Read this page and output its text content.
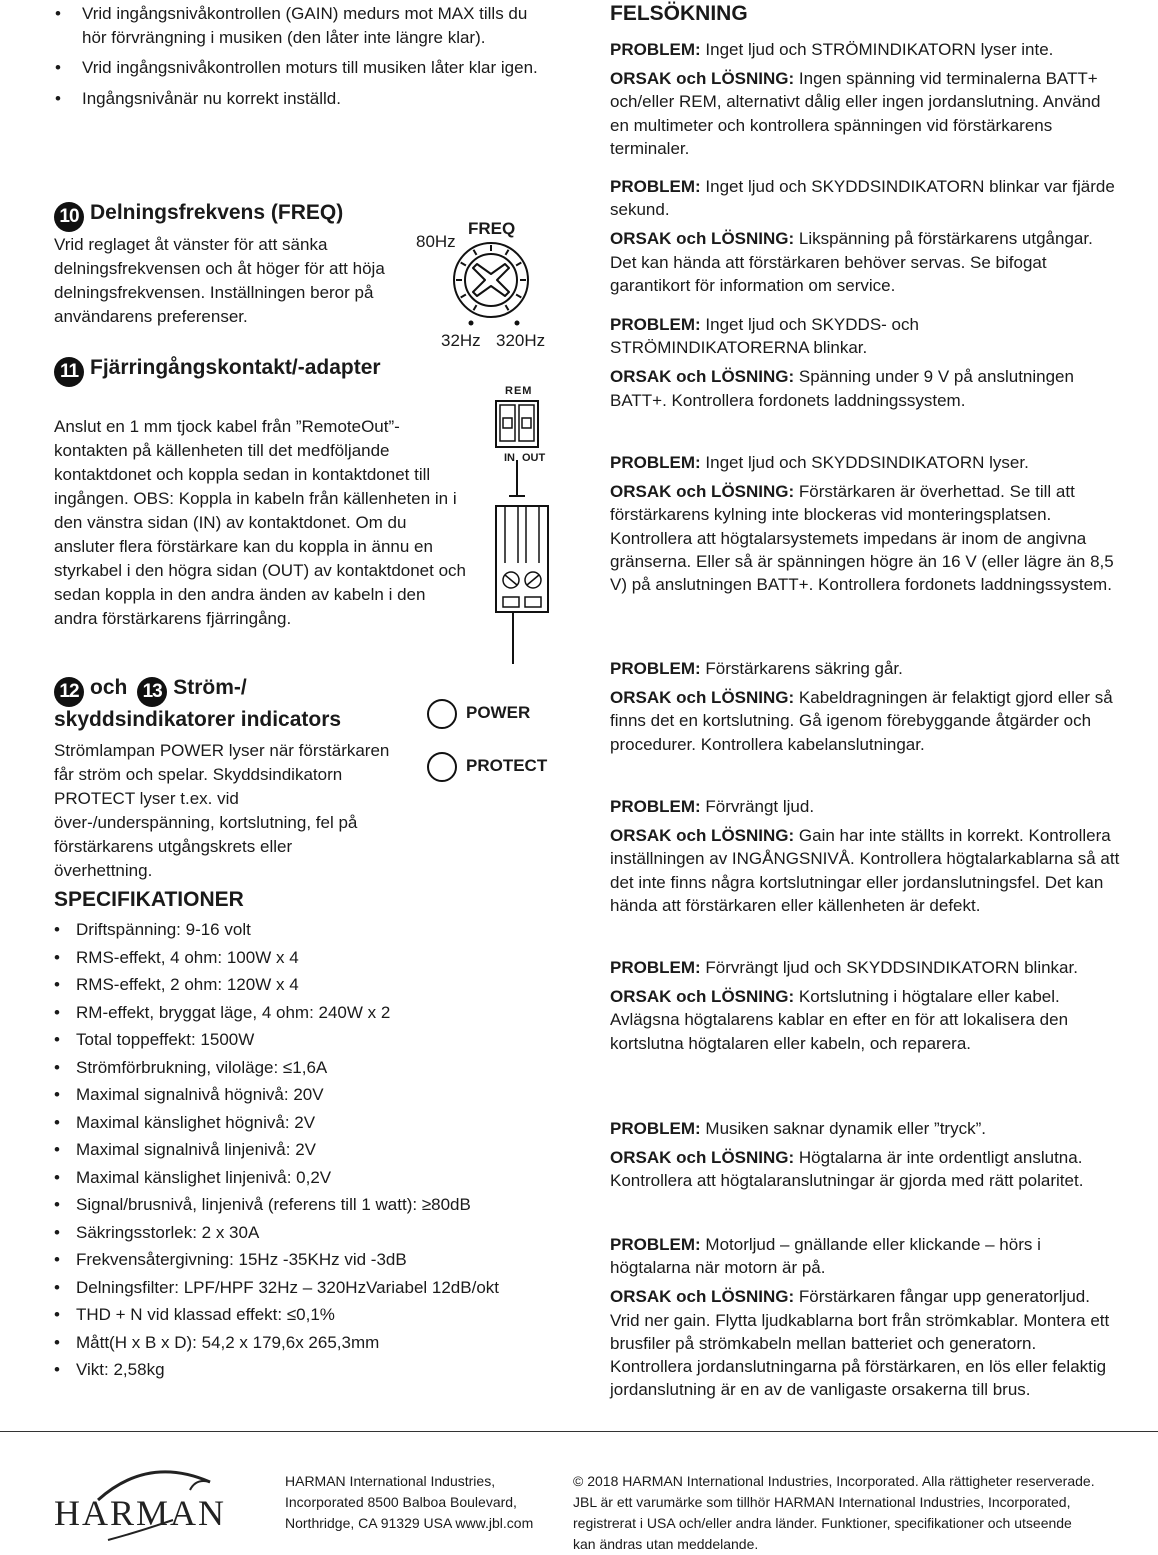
• Vrid ingångsnivåkontrollen (GAIN) medurs mot MAX tills du hör förvrängning i musiken (den låter inte längre klar).
• Vrid ingångsnivåkontrollen moturs till musiken låter klar igen.
• Ingångsnivånär nu korrekt inställd.
10 Delningsfrekvens (FREQ)

Vrid reglaget åt vänster för att sänka delningsfrekvensen och åt höger för att höja delningsfrekvensen. Inställningen beror på användarens preferenser.

80Hz
FREQ
32Hz 320Hz
11 Fjärringångskontakt/-adapter

Anslut en 1 mm tjock kabel från ”RemoteOut”-kontakten på källenheten till det medföljande kontaktdonet och koppla sedan in kontaktdonet till ingången. OBS: Koppla in kabeln från källenheten in i den vänstra sidan (IN) av kontaktdonet. Om du ansluter flera förstärkare kan du koppla in ännu en styrkabel i den högra sidan (OUT) av kontaktdonet och sedan koppla in den andra änden av kabeln i den andra förstärkarens fjärringång.

REM
IN OUT
12 och 13 Ström-/
skyddsindikatorer indicators

Strömlampan POWER lyser när förstärkaren får ström och spelar. Skyddsindikatorn PROTECT lyser t.ex. vid över-/underspänning, kortslutning, fel på förstärkarens utgångskrets eller överhettning.

POWER
PROTECT
SPECIFIKATIONER
• Driftspänning: 9-16 volt
• RMS-effekt, 4 ohm: 100W x 4
• RMS-effekt, 2 ohm: 120W x 4
• RM-effekt, bryggat läge, 4 ohm: 240W x 2
• Total toppeffekt: 1500W
• Strömförbrukning, viloläge: ≤1,6A
• Maximal signalnivå högnivå: 20V
• Maximal känslighet högnivå: 2V
• Maximal signalnivå linjenivå: 2V
• Maximal känslighet linjenivå: 0,2V
• Signal/brusnivå, linjenivå (referens till 1 watt): ≥80dB
• Säkringsstorlek: 2 x 30A
• Frekvensåtergivning: 15Hz -35KHz vid -3dB
• Delningsfilter: LPF/HPF 32Hz – 320HzVariabel 12dB/okt
• THD + N vid klassad effekt: ≤0,1%
• Mått(H x B x D): 54,2 x 179,6x 265,3mm
• Vikt: 2,58kg
FELSÖKNING

PROBLEM: Inget ljud och STRÖMINDIKATORN lyser inte.

ORSAK och LÖSNING: Ingen spänning vid terminalerna BATT+ och/eller REM, alternativt dålig eller ingen jordanslutning. Använd en multimeter och kontrollera spänningen vid förstärkarens terminaler.

PROBLEM: Inget ljud och SKYDDSINDIKATORN blinkar var fjärde sekund.

ORSAK och LÖSNING: Likspänning på förstärkarens utgångar. Det kan hända att förstärkaren behöver servas. Se bifogat garantikort för information om service.

PROBLEM: Inget ljud och SKYDDS- och STRÖMINDIKATORERNA blinkar.

ORSAK och LÖSNING: Spänning under 9 V på anslutningen BATT+. Kontrollera fordonets laddningssystem.

PROBLEM: Inget ljud och SKYDDSINDIKATORN lyser.

ORSAK och LÖSNING: Förstärkaren är överhettad. Se till att förstärkarens kylning inte blockeras vid monteringsplatsen. Kontrollera att högtalarsystemets impedans är inom de angivna gränserna. Eller så är spänningen högre än 16 V (eller lägre än 8,5 V) på anslutningen BATT+. Kontrollera fordonets laddningssystem.

PROBLEM: Förstärkarens säkring går.

ORSAK och LÖSNING: Kabeldragningen är felaktigt gjord eller så finns det en kortslutning. Gå igenom förebyggande åtgärder och procedurer. Kontrollera kabelanslutningar.

PROBLEM: Förvrängt ljud.

ORSAK och LÖSNING: Gain har inte ställts in korrekt. Kontrollera inställningen av INGÅNGSNIVÅ. Kontrollera högtalarkablarna så att det inte finns några kortslutningar eller jordanslutningsfel. Det kan hända att förstärkaren eller källenheten är defekt.

PROBLEM: Förvrängt ljud och SKYDDSINDIKATORN blinkar.

ORSAK och LÖSNING: Kortslutning i högtalare eller kabel. Avlägsna högtalarens kablar en efter en för att lokalisera den kortslutna högtalaren eller kabeln, och reparera.

PROBLEM: Musiken saknar dynamik eller ”tryck”.

ORSAK och LÖSNING: Högtalarna är inte ordentligt anslutna. Kontrollera att högtalaranslutningar är gjorda med rätt polaritet.

PROBLEM: Motorljud – gnällande eller klickande – hörs i högtalarna när motorn är på.

ORSAK och LÖSNING: Förstärkaren fångar upp generatorljud. Vrid ner gain. Flytta ljudkablarna bort från strömkablar. Montera ett brusfiler på strömkabeln mellan batteriet och generatorn. Kontrollera jordanslutningarna på förstärkaren, en lös eller felaktig jordanslutning är en av de vanligaste orsakerna till brus.

HARMAN

HARMAN International Industries, Incorporated 8500 Balboa Boulevard, Northridge, CA 91329 USA www.jbl.com

© 2018 HARMAN International Industries, Incorporated. Alla rättigheter reserverade. JBL är ett varumärke som tillhör HARMAN International Industries, Incorporated, registrerat i USA och/eller andra länder. Funktioner, specifikationer och utseende kan ändras utan meddelande.
